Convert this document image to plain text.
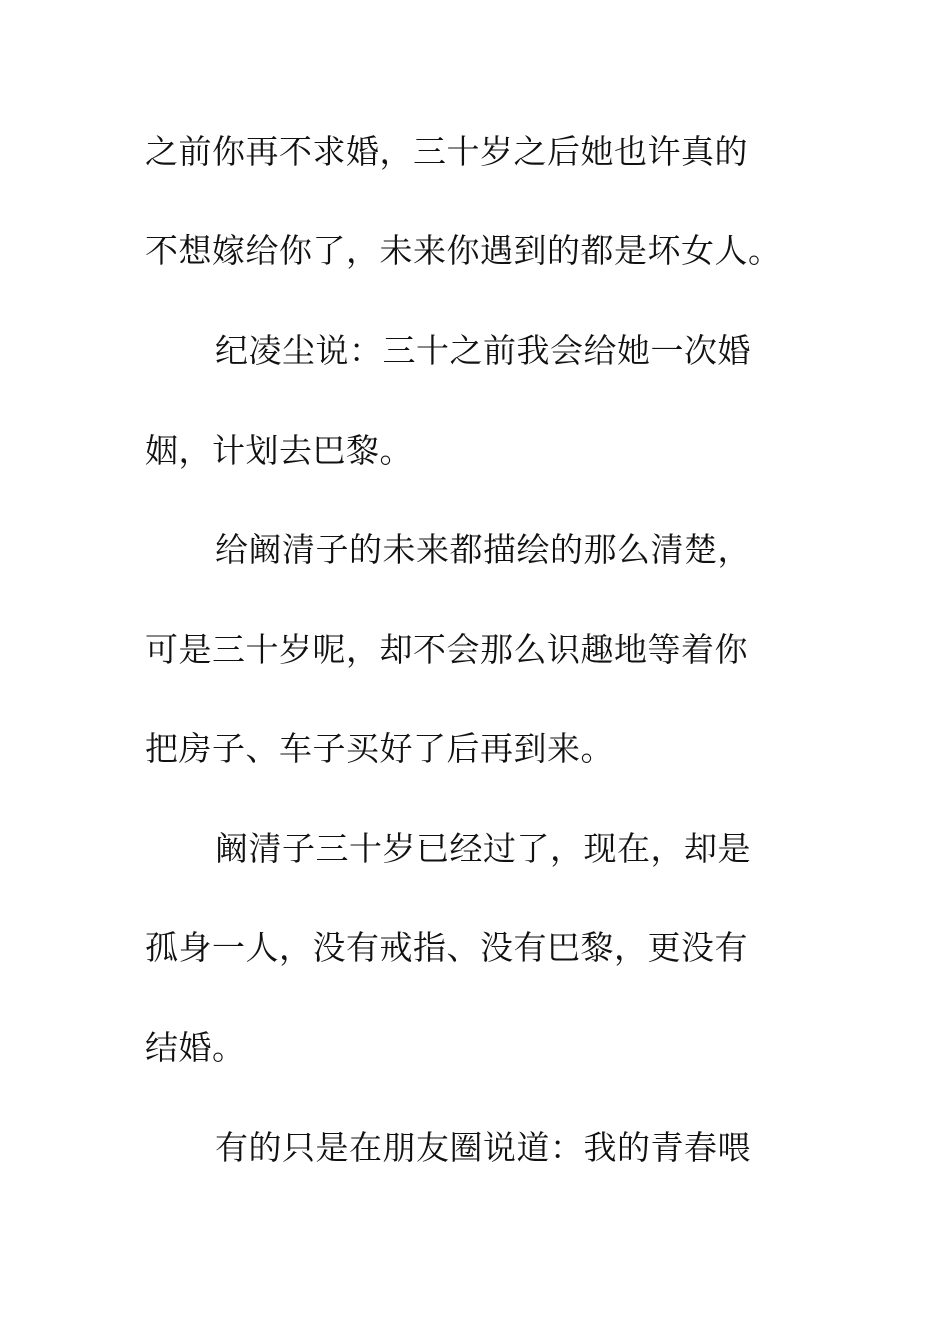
之前你再不求婚，三十岁之后她也许真的
不想嫁给你了，未来你遇到的都是坏女人。
纪凌尘说：三十之前我会给她一次婚
姻，计划去巴黎。
给阚清子的未来都描绘的那么清楚，
可是三十岁呢，却不会那么识趣地等着你
把房子、车子买好了后再到来。
阚清子三十岁已经过了，现在，却是
孤身一人，没有戒指、没有巴黎，更没有
结婚。
有的只是在朋友圈说道：我的青春喂
